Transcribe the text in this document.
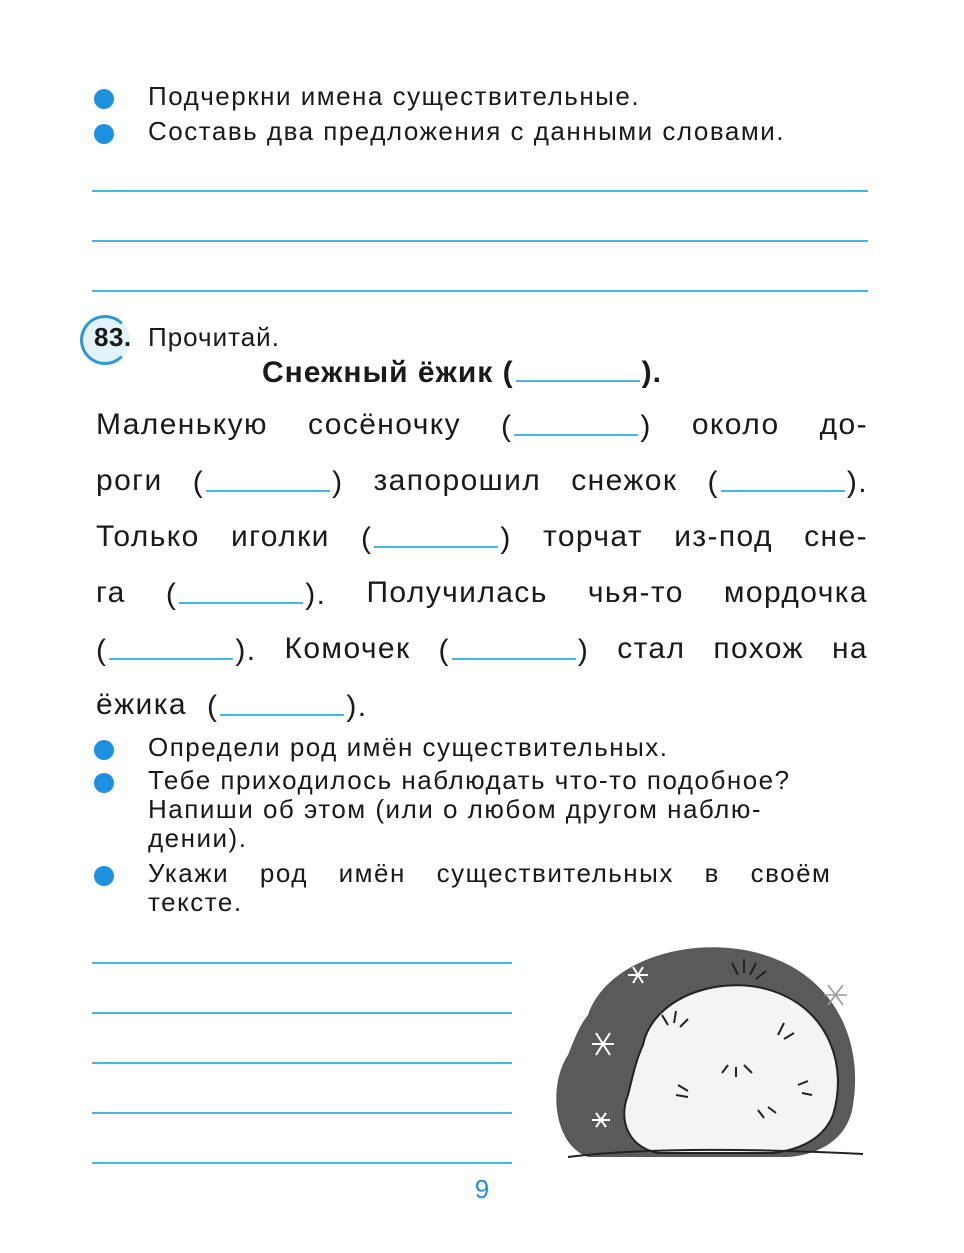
Подчеркни имена существительные.
Составь два предложения с данными словами.
83. Прочитай.
Снежный ёжик (	).
Маленькую сосёночку (	) около до-
роги (	) запорошил снежок (	).
Только иголки (	) торчат из-под сне-
га (	). Получилась чья-то мордочка
(	). Комочек (	) стал похож на
ёжика (	).
Определи род имён существительных.
Тебе приходилось наблюдать что-то подобное?
Напиши об этом (или о любом другом наблю-
дении).
Укажи род имён существительных в своём
тексте.
9
